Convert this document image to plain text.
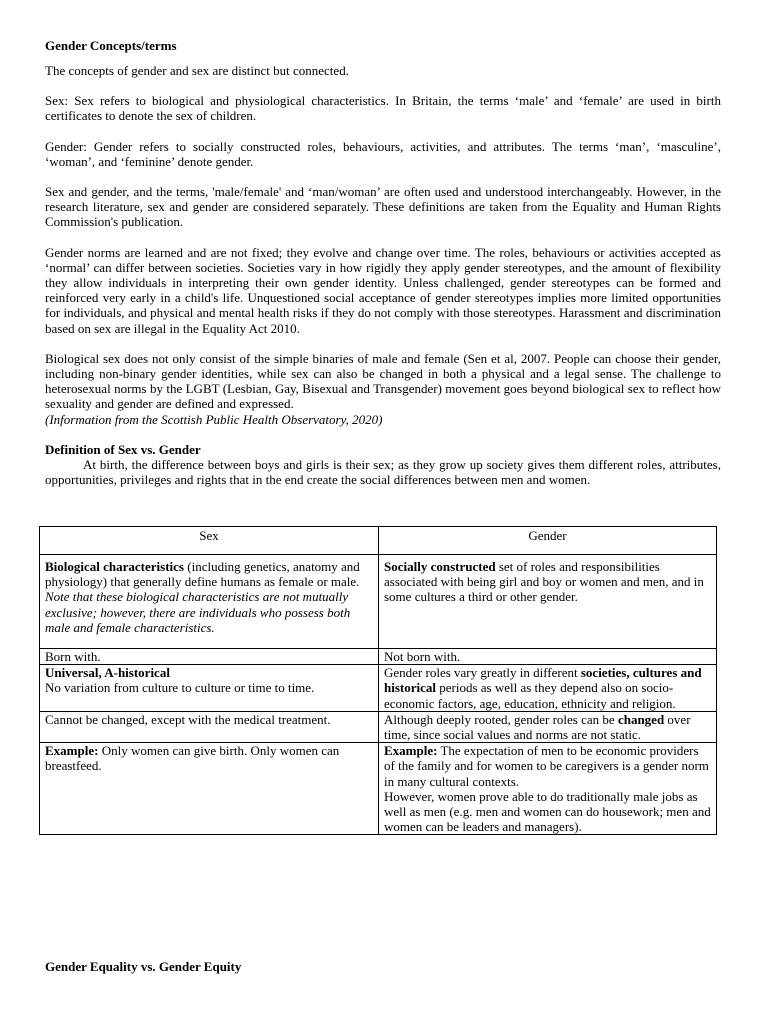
Gender Concepts/terms

The concepts of gender and sex are distinct but connected.

Sex: Sex refers to biological and physiological characteristics. In Britain, the terms ‘male’ and ‘female’ are used in birth certificates to denote the sex of children.

Gender: Gender refers to socially constructed roles, behaviours, activities, and attributes. The terms ‘man’, ‘masculine’, ‘woman’, and ‘feminine’ denote gender.

Sex and gender, and the terms, 'male/female' and ‘man/woman’ are often used and understood interchangeably. However, in the research literature, sex and gender are considered separately. These definitions are taken from the Equality and Human Rights Commission's publication.

Gender norms are learned and are not fixed; they evolve and change over time. The roles, behaviours or activities accepted as ‘normal’ can differ between societies. Societies vary in how rigidly they apply gender stereotypes, and the amount of flexibility they allow individuals in interpreting their own gender identity. Unless challenged, gender stereotypes can be formed and reinforced very early in a child's life. Unquestioned social acceptance of gender stereotypes implies more limited opportunities for individuals, and physical and mental health risks if they do not comply with those stereotypes. Harassment and discrimination based on sex are illegal in the Equality Act 2010.

Biological sex does not only consist of the simple binaries of male and female (Sen et al, 2007. People can choose their gender, including non-binary gender identities, while sex can also be changed in both a physical and a legal sense. The challenge to heterosexual norms by the LGBT (Lesbian, Gay, Bisexual and Transgender) movement goes beyond biological sex to reflect how sexuality and gender are defined and expressed.

(Information from the Scottish Public Health Observatory, 2020)

Definition of Sex vs. Gender

At birth, the difference between boys and girls is their sex; as they grow up society gives them different roles, attributes, opportunities, privileges and rights that in the end create the social differences between men and women.

Sex	Gender
Biological characteristics (including genetics, anatomy and physiology) that generally define humans as female or male. Note that these biological characteristics are not mutually exclusive; however, there are individuals who possess both male and female characteristics.	Socially constructed set of roles and responsibilities associated with being girl and boy or women and men, and in some cultures a third or other gender.
Born with.	Not born with.
Universal, A-historical
No variation from culture to culture or time to time.	Gender roles vary greatly in different societies, cultures and historical periods as well as they depend also on socio-economic factors, age, education, ethnicity and religion.
Cannot be changed, except with the medical treatment.	Although deeply rooted, gender roles can be changed over time, since social values and norms are not static.
Example: Only women can give birth. Only women can breastfeed.	Example: The expectation of men to be economic providers of the family and for women to be caregivers is a gender norm in many cultural contexts.
However, women prove able to do traditionally male jobs as well as men (e.g. men and women can do housework; men and women can be leaders and managers).
Gender Equality vs. Gender Equity
